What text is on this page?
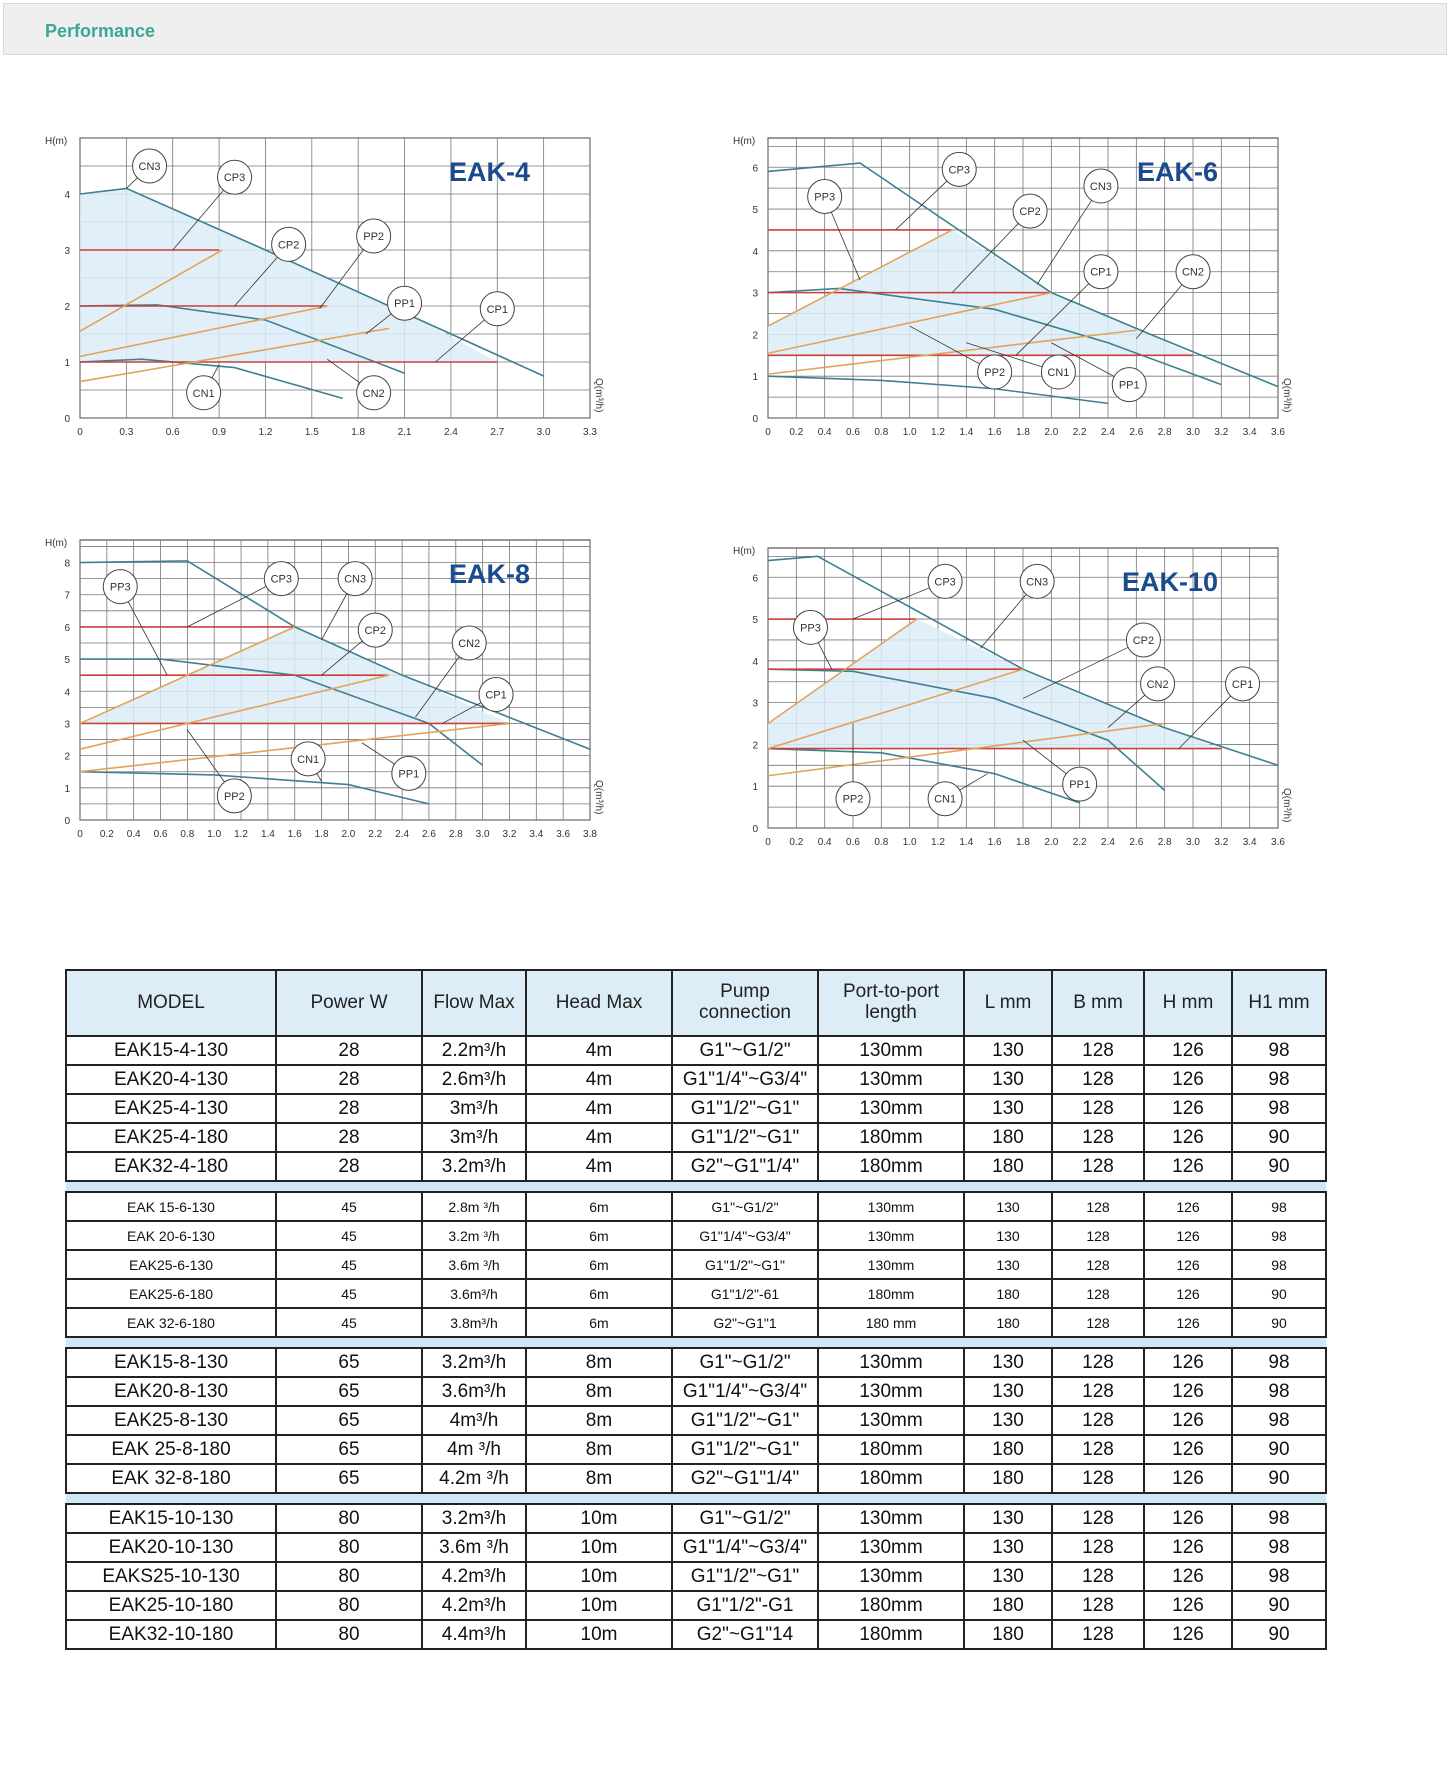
Performance
0	0.3	0.6	0.9	1.2	1.5	1.8	2.1	2.4	2.7	3.0	3.3
0
1
2
3
4
H(m)
Q(m³/h)
EAK-4
CN3
CP3
CP2
PP2
PP1	CP1
CN1	CN2
0 0.2 0.4 0.6 0.8 1.0 1.2 1.4 1.6 1.8 2.0 2.2 2.4 2.6 2.8 3.0 3.2 3.4 3.6
0
1
2
3
4
5
6
H(m)
Q(m³/h)
EAK-6
CP3
PP3
CP2
CN3
CP1	CN2
PP2	CN1
PP1
0 0.2 0.4 0.6 0.8 1.0 1.2 1.4 1.6 1.8 2.0 2.2 2.4 2.6 2.8 3.0 3.2 3.4 3.6 3.8
0
1
2
3
4
5
6
7
8
H(m)
Q(m³/h)
EAK-8
PP3
CP3	CN3
CP2
CN2
CP1
CN1
PP1
PP2
0 0.2 0.4 0.6 0.8 1.0 1.2 1.4 1.6 1.8 2.0 2.2 2.4 2.6 2.8 3.0 3.2 3.4 3.6
0
1
2
3
4
5
6
H(m)
Q(m³/h)
EAK-10
CP3	CN3
PP3
CP2
CN2	CP1
PP1
PP2	CN1
MODEL	Power W	Flow Max	Head Max	Pump connection	Port-to-port length	L mm	B mm	H mm	H1 mm
EAK15-4-130	28	2.2m³/h	4m	G1"~G1/2"	130mm	130	128	126	98
EAK20-4-130	28	2.6m³/h	4m	G1"1/4"~G3/4"	130mm	130	128	126	98
EAK25-4-130	28	3m³/h	4m	G1"1/2"~G1"	130mm	130	128	126	98
EAK25-4-180	28	3m³/h	4m	G1"1/2"~G1"	180mm	180	128	126	90
EAK32-4-180	28	3.2m³/h	4m	G2"~G1"1/4"	180mm	180	128	126	90

EAK 15-6-130	45	2.8m ³/h	6m	G1"~G1/2"	130mm	130	128	126	98
EAK 20-6-130	45	3.2m ³/h	6m	G1"1/4"~G3/4"	130mm	130	128	126	98
EAK25-6-130	45	3.6m ³/h	6m	G1"1/2"~G1"	130mm	130	128	126	98
EAK25-6-180	45	3.6m³/h	6m	G1"1/2"-61	180mm	180	128	126	90
EAK 32-6-180	45	3.8m³/h	6m	G2"~G1"1	180 mm	180	128	126	90

EAK15-8-130	65	3.2m³/h	8m	G1"~G1/2"	130mm	130	128	126	98
EAK20-8-130	65	3.6m³/h	8m	G1"1/4"~G3/4"	130mm	130	128	126	98
EAK25-8-130	65	4m³/h	8m	G1"1/2"~G1"	130mm	130	128	126	98
EAK 25-8-180	65	4m ³/h	8m	G1"1/2"~G1"	180mm	180	128	126	90
EAK 32-8-180	65	4.2m ³/h	8m	G2"~G1"1/4"	180mm	180	128	126	90

EAK15-10-130	80	3.2m³/h	10m	G1"~G1/2"	130mm	130	128	126	98
EAK20-10-130	80	3.6m ³/h	10m	G1"1/4"~G3/4"	130mm	130	128	126	98
EAKS25-10-130	80	4.2m³/h	10m	G1"1/2"~G1"	130mm	130	128	126	98
EAK25-10-180	80	4.2m³/h	10m	G1"1/2"-G1	180mm	180	128	126	90
EAK32-10-180	80	4.4m³/h	10m	G2"~G1"14	180mm	180	128	126	90
